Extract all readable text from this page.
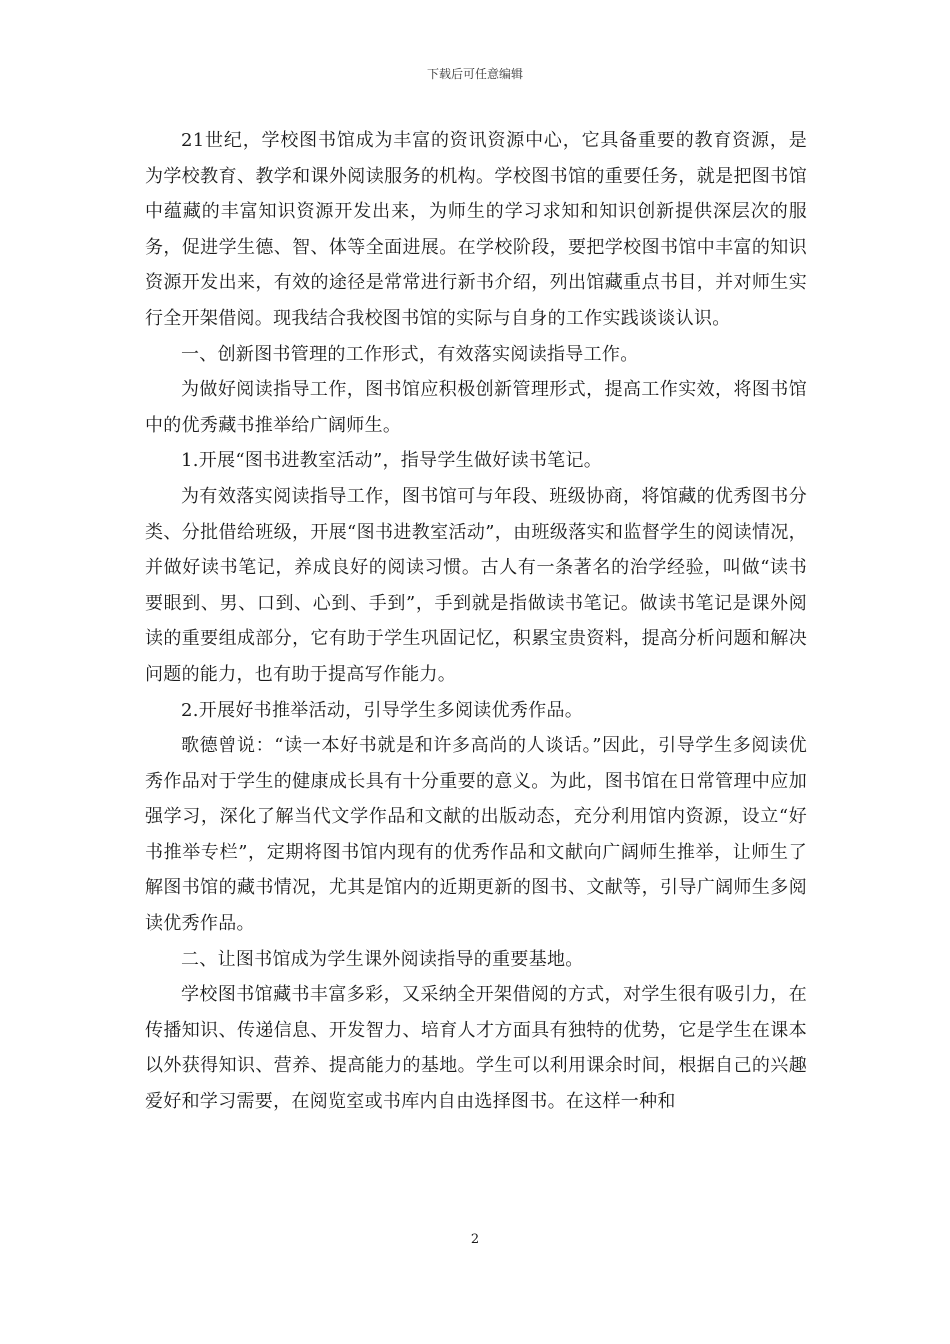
下载后可任意编辑

21世纪，学校图书馆成为丰富的资讯资源中心，它具备重要的教育资源，是为学校教育、教学和课外阅读服务的机构。学校图书馆的重要任务，就是把图书馆中蕴藏的丰富知识资源开发出来，为师生的学习求知和知识创新提供深层次的服务，促进学生德、智、体等全面进展。在学校阶段，要把学校图书馆中丰富的知识资源开发出来，有效的途径是常常进行新书介绍，列出馆藏重点书目，并对师生实行全开架借阅。现我结合我校图书馆的实际与自身的工作实践谈谈认识。

一、创新图书管理的工作形式，有效落实阅读指导工作。

为做好阅读指导工作，图书馆应积极创新管理形式，提高工作实效，将图书馆中的优秀藏书推举给广阔师生。

1.开展“图书进教室活动”，指导学生做好读书笔记。

为有效落实阅读指导工作，图书馆可与年段、班级协商，将馆藏的优秀图书分类、分批借给班级，开展“图书进教室活动”，由班级落实和监督学生的阅读情况，并做好读书笔记，养成良好的阅读习惯。古人有一条著名的治学经验，叫做“读书要眼到、男、口到、心到、手到”，手到就是指做读书笔记。做读书笔记是课外阅读的重要组成部分，它有助于学生巩固记忆，积累宝贵资料，提高分析问题和解决问题的能力，也有助于提高写作能力。

2.开展好书推举活动，引导学生多阅读优秀作品。

歌德曾说：“读一本好书就是和许多高尚的人谈话。”因此，引导学生多阅读优秀作品对于学生的健康成长具有十分重要的意义。为此，图书馆在日常管理中应加强学习，深化了解当代文学作品和文献的出版动态，充分利用馆内资源，设立“好书推举专栏”，定期将图书馆内现有的优秀作品和文献向广阔师生推举，让师生了解图书馆的藏书情况，尤其是馆内的近期更新的图书、文献等，引导广阔师生多阅读优秀作品。

二、让图书馆成为学生课外阅读指导的重要基地。

学校图书馆藏书丰富多彩，又采纳全开架借阅的方式，对学生很有吸引力，在传播知识、传递信息、开发智力、培育人才方面具有独特的优势，它是学生在课本以外获得知识、营养、提高能力的基地。学生可以利用课余时间，根据自己的兴趣爱好和学习需要，在阅览室或书库内自由选择图书。在这样一种和

2
